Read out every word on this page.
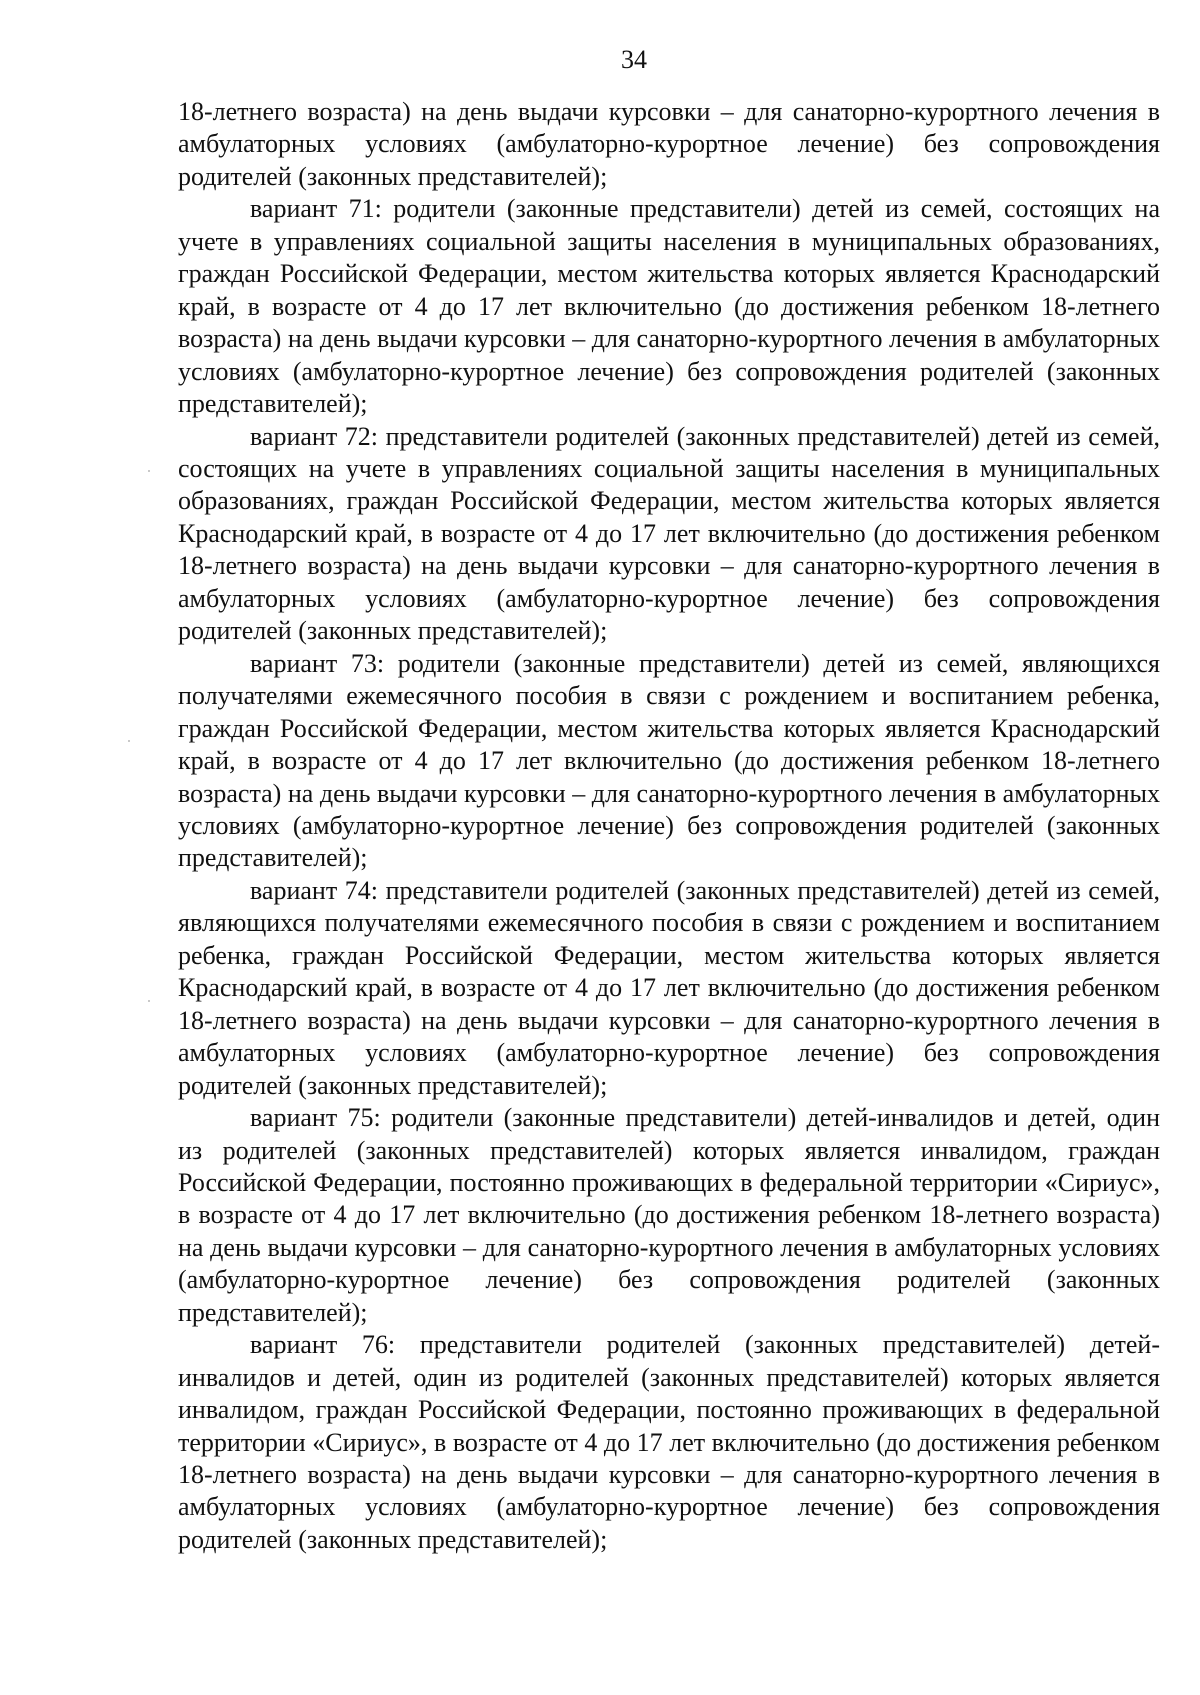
34

18-летнего возраста) на день выдачи курсовки – для санаторно-курортного лечения в амбулаторных условиях (амбулаторно-курортное лечение) без сопровождения родителей (законных представителей);

вариант 71: родители (законные представители) детей из семей, состоящих на учете в управлениях социальной защиты населения в муниципальных образованиях, граждан Российской Федерации, местом жительства которых является Краснодарский край, в возрасте от 4 до 17 лет включительно (до достижения ребенком 18-летнего возраста) на день выдачи курсовки – для санаторно-курортного лечения в амбулаторных условиях (амбулаторно-курортное лечение) без сопровождения родителей (законных представителей);

вариант 72: представители родителей (законных представителей) детей из семей, состоящих на учете в управлениях социальной защиты населения в муниципальных образованиях, граждан Российской Федерации, местом жительства которых является Краснодарский край, в возрасте от 4 до 17 лет включительно (до достижения ребенком 18-летнего возраста) на день выдачи курсовки – для санаторно-курортного лечения в амбулаторных условиях (амбулаторно-курортное лечение) без сопровождения родителей (законных представителей);

вариант 73: родители (законные представители) детей из семей, являющихся получателями ежемесячного пособия в связи с рождением и воспитанием ребенка, граждан Российской Федерации, местом жительства которых является Краснодарский край, в возрасте от 4 до 17 лет включительно (до достижения ребенком 18-летнего возраста) на день выдачи курсовки – для санаторно-курортного лечения в амбулаторных условиях (амбулаторно-курортное лечение) без сопровождения родителей (законных представителей);

вариант 74: представители родителей (законных представителей) детей из семей, являющихся получателями ежемесячного пособия в связи с рождением и воспитанием ребенка, граждан Российской Федерации, местом жительства которых является Краснодарский край, в возрасте от 4 до 17 лет включительно (до достижения ребенком 18-летнего возраста) на день выдачи курсовки – для санаторно-курортного лечения в амбулаторных условиях (амбулаторно-курортное лечение) без сопровождения родителей (законных представителей);

вариант 75: родители (законные представители) детей-инвалидов и детей, один из родителей (законных представителей) которых является инвалидом, граждан Российской Федерации, постоянно проживающих в федеральной территории «Сириус», в возрасте от 4 до 17 лет включительно (до достижения ребенком 18-летнего возраста) на день выдачи курсовки – для санаторно-курортного лечения в амбулаторных условиях (амбулаторно-курортное лечение) без сопровождения родителей (законных представителей);

вариант 76: представители родителей (законных представителей) детей-инвалидов и детей, один из родителей (законных представителей) которых является инвалидом, граждан Российской Федерации, постоянно проживающих в федеральной территории «Сириус», в возрасте от 4 до 17 лет включительно (до достижения ребенком 18-летнего возраста) на день выдачи курсовки – для санаторно-курортного лечения в амбулаторных условиях (амбулаторно-курортное лечение) без сопровождения родителей (законных представителей);
